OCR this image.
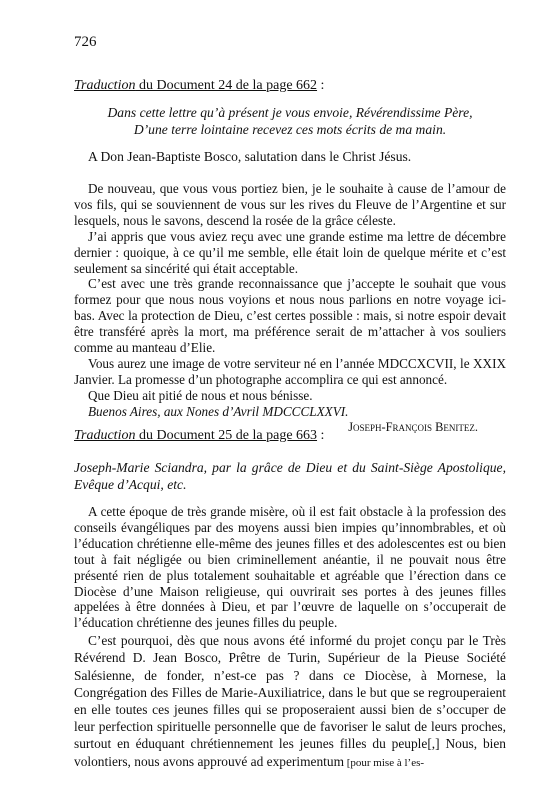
726
Traduction du Document 24 de la page 662 :

Dans cette lettre qu’à présent je vous envoie, Révérendissime Père,

D’une terre lointaine recevez ces mots écrits de ma main.

A Don Jean-Baptiste Bosco, salutation dans le Christ Jésus.

De nouveau, que vous vous portiez bien, je le souhaite à cause de l’amour de vos fils, qui se souviennent de vous sur les rives du Fleuve de l’Argentine et sur lesquels, nous le savons, descend la rosée de la grâce céleste.

J’ai appris que vous aviez reçu avec une grande estime ma lettre de décembre dernier : quoique, à ce qu’il me semble, elle était loin de quelque mérite et c’est seulement sa sincérité qui était acceptable.

C’est avec une très grande reconnaissance que j’accepte le souhait que vous formez pour que nous nous voyions et nous nous parlions en notre voyage ici-bas. Avec la protection de Dieu, c’est certes possible : mais, si notre espoir devait être transféré après la mort, ma préférence serait de m’attacher à vos souliers comme au manteau d’Elie.

Vous aurez une image de votre serviteur né en l’année MDCCXCVII, le XXIX Janvier. La promesse d’un photographe accomplira ce qui est annoncé.

Que Dieu ait pitié de nous et nous bénisse.

Buenos Aires, aux Nones d’Avril MDCCCLXXVI.

Joseph-François Benitez.

Traduction du Document 25 de la page 663 :
Joseph-Marie Sciandra, par la grâce de Dieu et du Saint-Siège Apostolique, Evêque d’Acqui, etc.

A cette époque de très grande misère, où il est fait obstacle à la profession des conseils évangéliques par des moyens aussi bien impies qu’innombrables, et où l’éducation chrétienne elle-même des jeunes filles et des adolescentes est ou bien tout à fait négligée ou bien criminellement anéantie, il ne pouvait nous être présenté rien de plus totalement souhaitable et agréable que l’érection dans ce Diocèse d’une Maison religieuse, qui ouvrirait ses portes à des jeunes filles appelées à être données à Dieu, et par l’œuvre de laquelle on s’occuperait de l’éducation chrétienne des jeunes filles du peuple.

C’est pourquoi, dès que nous avons été informé du projet conçu par le Très Révérend D. Jean Bosco, Prêtre de Turin, Supérieur de la Pieuse Société Salésienne, de fonder, n’est-ce pas ? dans ce Diocèse, à Mornese, la Congrégation des Filles de Marie-Auxiliatrice, dans le but que se regrouperaient en elle toutes ces jeunes filles qui se proposeraient aussi bien de s’occuper de leur perfection spirituelle personnelle que de favoriser le salut de leurs proches, surtout en éduquant chrétiennement les jeunes filles du peuple[,] Nous, bien volontiers, nous avons approuvé ad experimentum [pour mise à l’es-
